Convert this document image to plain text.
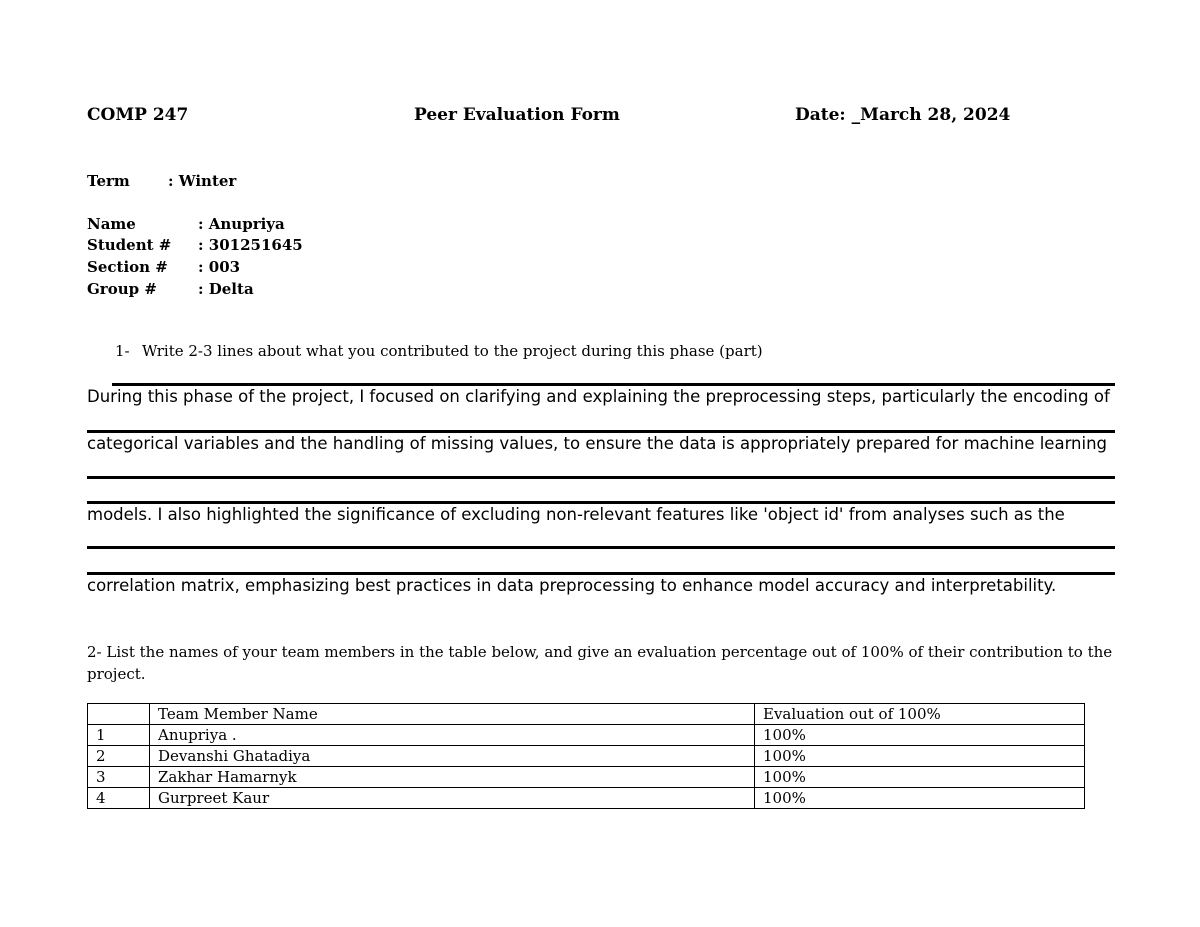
COMP 247	Peer Evaluation Form	Date: _March 28, 2024
Term	: Winter
Name	: Anupriya
Student # : 301251645
Section # : 003
Group #	: Delta
1- Write 2-3 lines about what you contributed to the project during this phase (part)
During this phase of the project, I focused on clarifying and explaining the preprocessing steps, particularly the encoding of
categorical variables and the handling of missing values, to ensure the data is appropriately prepared for machine learning
models. I also highlighted the significance of excluding non-relevant features like 'object id' from analyses such as the
correlation matrix, emphasizing best practices in data preprocessing to enhance model accuracy and interpretability.
2- List the names of your team members in the table below, and give an evaluation percentage out of 100% of their contribution to the project.
	Team Member Name	Evaluation out of 100%
1	Anupriya .	100%
2	Devanshi Ghatadiya	100%
3	Zakhar Hamarnyk	100%
4	Gurpreet Kaur	100%
